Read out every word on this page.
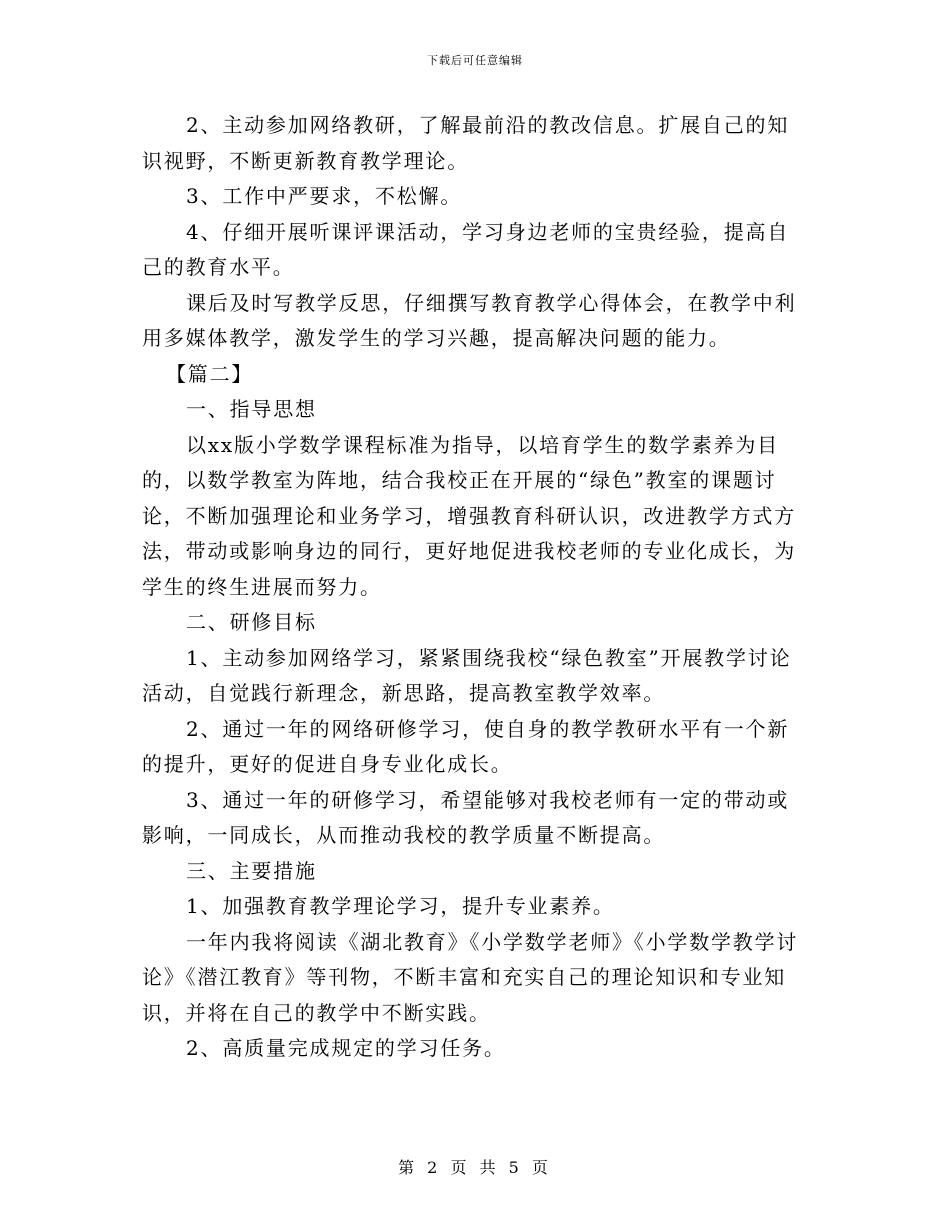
下载后可任意编辑

2、主动参加网络教研，了解最前沿的教改信息。扩展自己的知识视野，不断更新教育教学理论。

3、工作中严要求，不松懈。

4、仔细开展听课评课活动，学习身边老师的宝贵经验，提高自己的教育水平。

课后及时写教学反思，仔细撰写教育教学心得体会，在教学中利用多媒体教学，激发学生的学习兴趣，提高解决问题的能力。

【篇二】

一、指导思想

以xx版小学数学课程标准为指导，以培育学生的数学素养为目的，以数学教室为阵地，结合我校正在开展的“绿色”教室的课题讨论，不断加强理论和业务学习，增强教育科研认识，改进教学方式方法，带动或影响身边的同行，更好地促进我校老师的专业化成长，为学生的终生进展而努力。

二、研修目标

1、主动参加网络学习，紧紧围绕我校“绿色教室”开展教学讨论活动，自觉践行新理念，新思路，提高教室教学效率。

2、通过一年的网络研修学习，使自身的教学教研水平有一个新的提升，更好的促进自身专业化成长。

3、通过一年的研修学习，希望能够对我校老师有一定的带动或影响，一同成长，从而推动我校的教学质量不断提高。

三、主要措施

1、加强教育教学理论学习，提升专业素养。

一年内我将阅读《湖北教育》《小学数学老师》《小学数学教学讨论》《潜江教育》等刊物，不断丰富和充实自己的理论知识和专业知识，并将在自己的教学中不断实践。

2、高质量完成规定的学习任务。

第 2 页 共 5 页
